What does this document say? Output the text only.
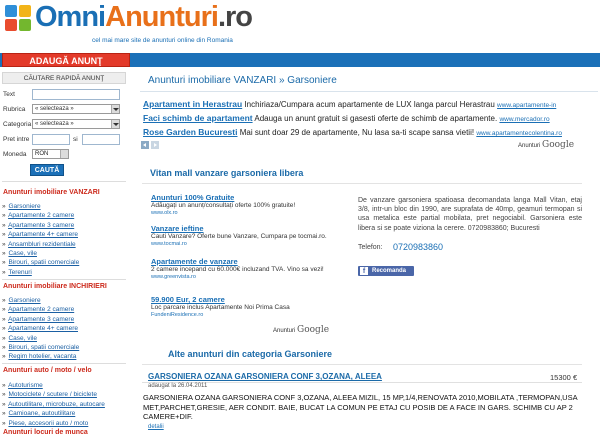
OmniAnunturi.ro
cel mai mare site de anunturi online din Romania
ADAUGĂ ANUNŢ
CĂUTARE RAPIDĂ ANUNŢ
Text
Rubrica	« selecteaza »
Categoria « selecteaza »
Pret intre	si
Moneda	RON
CAUTĂ
Anunturi imobiliare VANZARI
» Garsoniere
» Apartamente 2 camere
» Apartamente 3 camere
» Apartamente 4+ camere
» Ansambluri rezidentiale
» Case, vile
» Birouri, spatii comerciale
» Terenuri
Anunturi imobiliare INCHIRIERI
» Garsoniere
» Apartamente 2 camere
» Apartamente 3 camere
» Apartamente 4+ camere
» Case, vile
» Birouri, spatii comerciale
» Regim hotelier, vacanta
Anunturi auto / moto / velo
» Autoturisme
» Motociclete / scutere / biciclete
» Autoutilitare, microbuze, autocare
» Camioane, autoutilitare
» Piese, accesorii auto / moto
Anunturi locuri de munca
Anunturi imobiliare VANZARI » Garsoniere
Apartament in Herastrau Inchiriaza/Cumpara acum apartamente de LUX langa parcul Herastrau www.apartamente-in
Faci schimb de apartament Adauga un anunt gratuit si gasesti oferte de schimb de apartamente. www.mercador.ro
Rose Garden Bucuresti Mai sunt doar 29 de apartamente, Nu lasa sa-ti scape sansa vietii! www.apartamentecolentina.ro
Anunturi Google
Vitan mall vanzare garsoniera libera
Anunturi 100% Gratuite
Adăugați un anunț/consultați oferte 100% gratuite!
www.olx.ro
Vanzare ieftine
Cauti Vanzare? Oferte bune Vanzare, Cumpara pe tocmai.ro.
www.tocmai.ro
Apartamente de vanzare
2 camere incepand cu 60.000€ incluzand TVA. Vino sa vezi!
www.greenvista.ro
59.900 Eur, 2 camere
Loc parcare inclus Apartamente Noi Prima Casa
FundeniResidence.ro
Anunturi Google
De vanzare garsoniera spatioasa decomandata langa Mall Vitan, etaj 3/8, intr-un bloc din 1990, are suprafata de 40mp, geamuri termopan si usa metalica este partial mobilata, pret negociabil. Garsoniera este libera si se poate viziona la cerere. 0720983860; Bucuresti
Telefon: 0720983860
f	Recomanda
Alte anunturi din categoria Garsoniere
GARSONIERA OZANA GARSONIERA CONF 3,OZANA, ALEEA	15300 €
adaugat la 26.04.2011
GARSONIERA OZANA GARSONIERA CONF 3,OZANA, ALEEA MIZIL, 15 MP,1/4,RENOVATA 2010,MOBILATA ,TERMOPAN,USA MET,PARCHET,GRESIE, AER CONDIT. BAIE, BUCAT LA COMUN PE ETAJ CU POSIB DE A FACE IN GARS. SCHIMB CU AP 2 CAMERE+DIF.
detalii
